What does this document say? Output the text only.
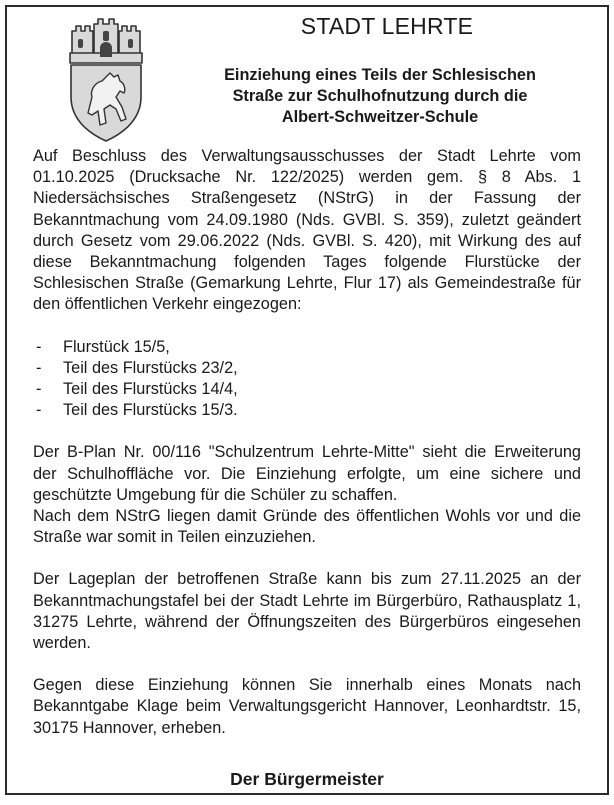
STADT LEHRTE
Einziehung eines Teils der Schlesischen
Straße zur Schulhofnutzung durch die
Albert-Schweitzer-Schule

Auf Beschluss des Verwaltungsausschusses der Stadt Lehrte vom 01.10.2025 (Drucksache Nr. 122/2025) werden gem. § 8 Abs. 1 Niedersächsisches Straßengesetz (NStrG) in der Fassung der Bekanntmachung vom 24.09.1980 (Nds. GVBl. S. 359), zuletzt geändert durch Gesetz vom 29.06.2022 (Nds. GVBl. S. 420), mit Wirkung des auf diese Bekanntmachung folgenden Tages folgende Flurstücke der Schlesischen Straße (Gemarkung Lehrte, Flur 17) als Gemeindestraße für den öffentlichen Verkehr eingezogen:

- Flurstück 15/5,
- Teil des Flurstücks 23/2,
- Teil des Flurstücks 14/4,
- Teil des Flurstücks 15/3.

Der B-Plan Nr. 00/116 "Schulzentrum Lehrte-Mitte" sieht die Erweiterung der Schulhoffläche vor. Die Einziehung erfolgte, um eine sichere und geschützte Umgebung für die Schüler zu schaffen.

Nach dem NStrG liegen damit Gründe des öffentlichen Wohls vor und die Straße war somit in Teilen einzuziehen.

Der Lageplan der betroffenen Straße kann bis zum 27.11.2025 an der Bekanntmachungstafel bei der Stadt Lehrte im Bürgerbüro, Rathausplatz 1, 31275 Lehrte, während der Öffnungszeiten des Bürgerbüros eingesehen werden.

Gegen diese Einziehung können Sie innerhalb eines Monats nach Bekanntgabe Klage beim Verwaltungsgericht Hannover, Leonhardtstr. 15, 30175 Hannover, erheben.

Der Bürgermeister
